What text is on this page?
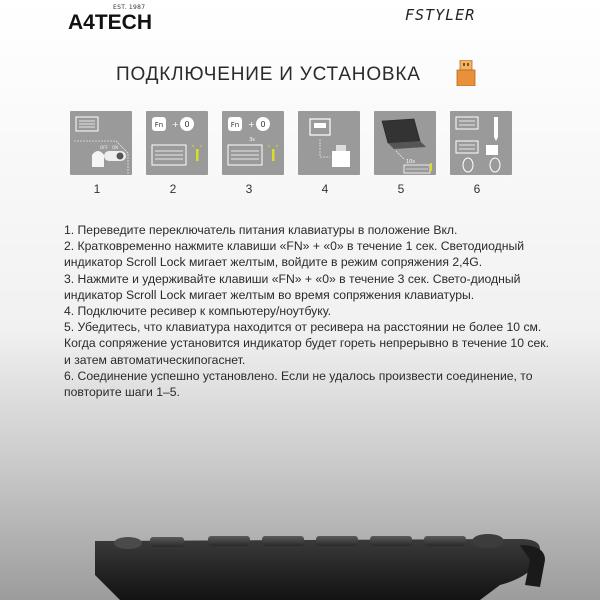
A4TECH
EST. 1987	FSTYLER
ПОДКЛЮЧЕНИЕ И УСТАНОВКА
OFF ON
1
Fn + 0
2
Fn + 0
3s
3	4
10s
5	6

1. Переведите переключатель питания клавиатуры в положение Вкл.

2. Кратковременно нажмите клавиши «FN» + «0» в течение 1 сек. Светодиодный индикатор Scroll Lock мигает желтым, войдите в режим сопряжения 2,4G.

3. Нажмите и удерживайте клавиши «FN» + «0» в течение 3 сек. Свето-диодный индикатор Scroll Lock мигает желтым во время сопряжения клавиатуры.

4. Подключите ресивер к компьютеру/ноутбуку.

5. Убедитесь, что клавиатура находится от ресивера на расстоянии не более 10 см. Когда сопряжение установится индикатор будет гореть непрерывно в течение 10 сек. и затем автоматическипогаснет.

6. Соединение успешно установлено. Если не удалось произвести соединение, то повторите шаги 1–5.
